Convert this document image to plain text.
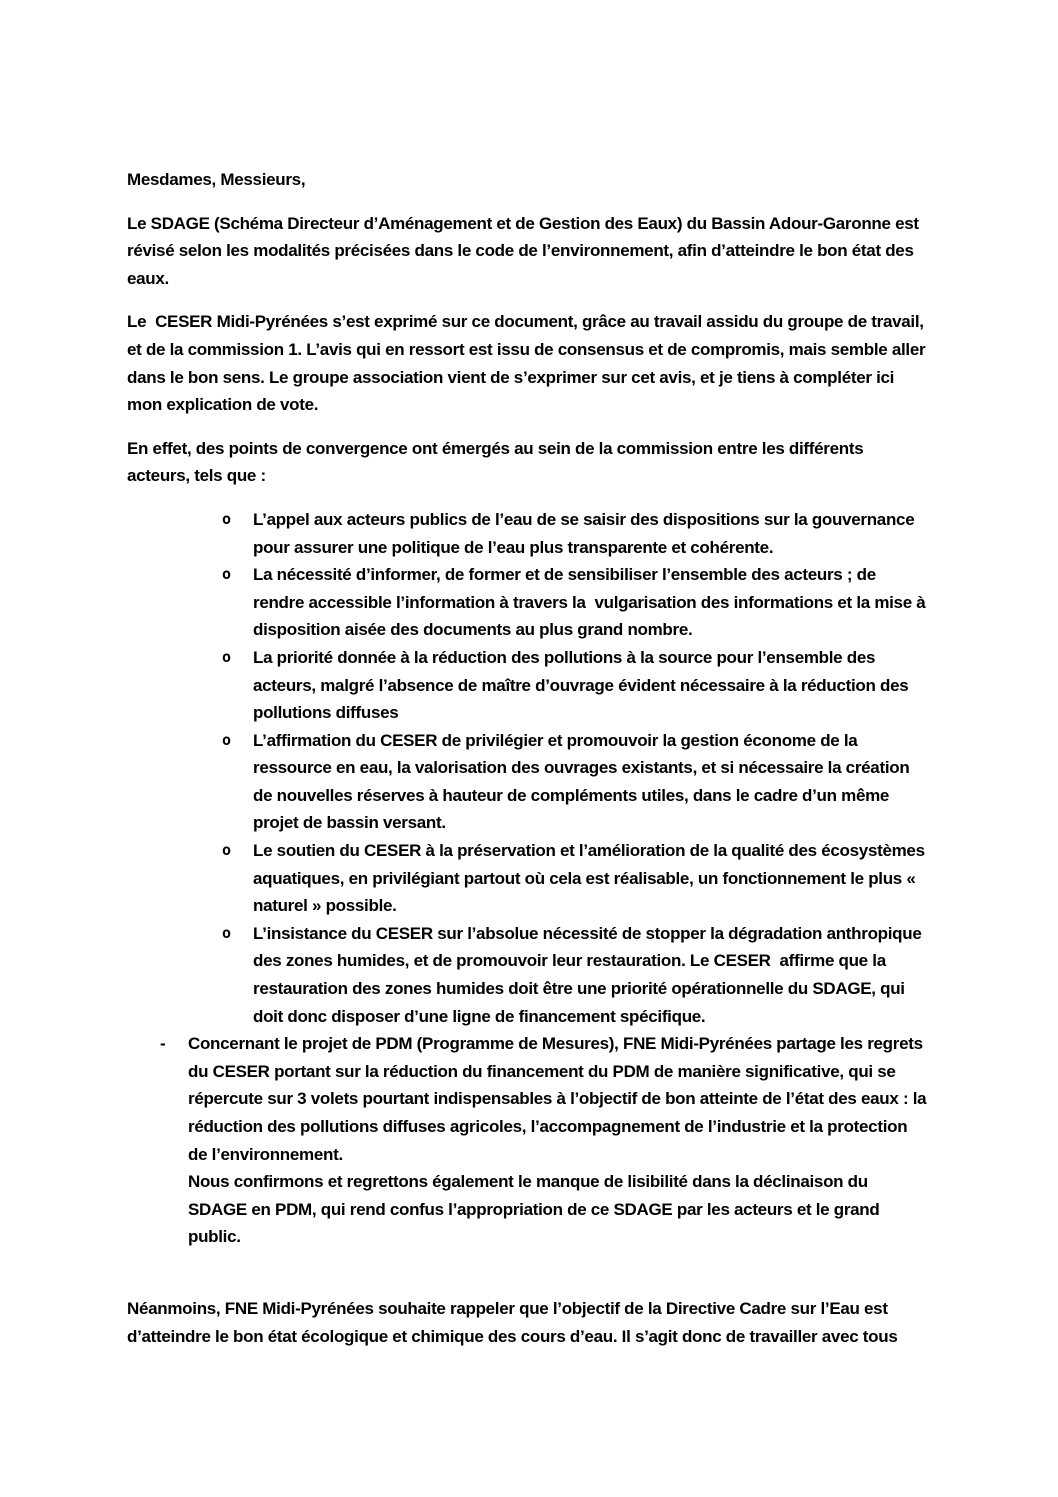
Mesdames, Messieurs,

Le SDAGE (Schéma Directeur d’Aménagement et de Gestion des Eaux) du Bassin Adour-Garonne est révisé selon les modalités précisées dans le code de l’environnement, afin d’atteindre le bon état des eaux.

Le  CESER Midi-Pyrénées s’est exprimé sur ce document, grâce au travail assidu du groupe de travail, et de la commission 1. L’avis qui en ressort est issu de consensus et de compromis, mais semble aller dans le bon sens. Le groupe association vient de s’exprimer sur cet avis, et je tiens à compléter ici mon explication de vote.

En effet, des points de convergence ont émergés au sein de la commission entre les différents acteurs, tels que :

o	L’appel aux acteurs publics de l’eau de se saisir des dispositions sur la gouvernance pour assurer une politique de l’eau plus transparente et cohérente.
o	La nécessité d’informer, de former et de sensibiliser l’ensemble des acteurs ; de rendre accessible l’information à travers la  vulgarisation des informations et la mise à disposition aisée des documents au plus grand nombre.
o	La priorité donnée à la réduction des pollutions à la source pour l’ensemble des acteurs, malgré l’absence de maître d’ouvrage évident nécessaire à la réduction des pollutions diffuses
o	L’affirmation du CESER de privilégier et promouvoir la gestion économe de la ressource en eau, la valorisation des ouvrages existants, et si nécessaire la création de nouvelles réserves à hauteur de compléments utiles, dans le cadre d’un même projet de bassin versant.
o	Le soutien du CESER à la préservation et l’amélioration de la qualité des écosystèmes aquatiques, en privilégiant partout où cela est réalisable, un fonctionnement le plus « naturel » possible.
o	L’insistance du CESER sur l’absolue nécessité de stopper la dégradation anthropique des zones humides, et de promouvoir leur restauration. Le CESER  affirme que la restauration des zones humides doit être une priorité opérationnelle du SDAGE, qui doit donc disposer d’une ligne de financement spécifique.
-	Concernant le projet de PDM (Programme de Mesures), FNE Midi-Pyrénées partage les regrets du CESER portant sur la réduction du financement du PDM de manière significative, qui se répercute sur 3 volets pourtant indispensables à l’objectif de bon atteinte de l’état des eaux : la réduction des pollutions diffuses agricoles, l’accompagnement de l’industrie et la protection de l’environnement.

Nous confirmons et regrettons également le manque de lisibilité dans la déclinaison du SDAGE en PDM, qui rend confus l’appropriation de ce SDAGE par les acteurs et le grand public.

Néanmoins, FNE Midi-Pyrénées souhaite rappeler que l’objectif de la Directive Cadre sur l’Eau est d’atteindre le bon état écologique et chimique des cours d’eau. Il s’agit donc de travailler avec tous
